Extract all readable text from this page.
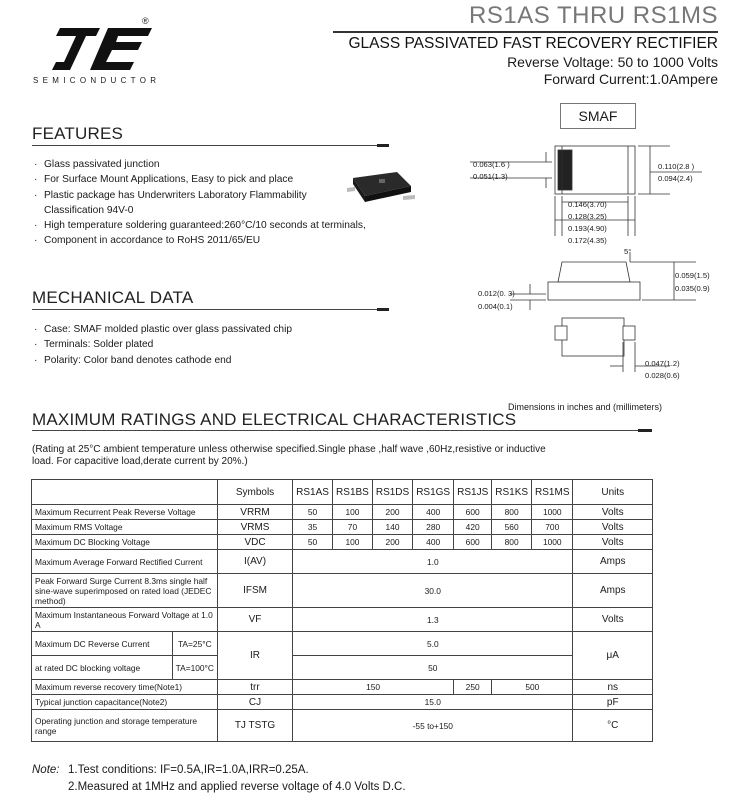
®
SEMICONDUCTOR
RS1AS THRU RS1MS
GLASS PASSIVATED FAST RECOVERY RECTIFIER
Reverse Voltage: 50 to 1000 Volts
Forward Current:1.0Ampere
FEATURES
· Glass passivated junction
· For Surface Mount Applications, Easy to pick and place
· Plastic package has Underwriters Laboratory Flammability
Classification 94V-0
· High temperature soldering guaranteed:260°C/10 seconds at terminals,
· Component in accordance to RoHS 2011/65/EU
MECHANICAL DATA
· Case: SMAF molded plastic over glass passivated chip
· Terminals: Solder plated
· Polarity: Color band denotes cathode end
SMAF
0.063(1.6 )
0.051(1.3)
0.110(2.8 )
0.094(2.4)
0.146(3.70)
0.128(3.25)
0.193(4.90)
0.172(4.35)
5°
0.059(1.5)
0.035(0.9)
0.012(0. 3)
0.004(0.1)
0.047(1.2)
0.028(0.6)
Dimensions in inches and (millimeters)
MAXIMUM RATINGS AND ELECTRICAL CHARACTERISTICS
(Rating at 25°C ambient temperature unless otherwise specified.Single phase ,half wave ,60Hz,resistive or inductive
load. For capacitive load,derate current by 20%.)
		Symbols	RS1AS	RS1BS	RS1DS	RS1GS	RS1JS	RS1KS	RS1MS	Units
Maximum Recurrent Peak Reverse Voltage		VRRM	50	100	200	400	600	800	1000	Volts
Maximum RMS Voltage		VRMS	35	70	140	280	420	560	700	Volts
Maximum DC Blocking Voltage		VDC	50	100	200	400	600	800	1000	Volts
Maximum Average Forward Rectified Current		I(AV)	1.0							Amps
Peak Forward Surge Current 8.3ms single half sine-wave superimposed on rated load (JEDEC method)		IFSM	30.0							Amps
Maximum Instantaneous Forward Voltage at 1.0 A		VF	1.3							Volts
Maximum DC Reverse Current	TA=25°C	IR	5.0							μA
at rated DC blocking voltage	TA=100°C		50							
Maximum reverse recovery time(Note1)		trr	150				250	500		ns
Typical junction capacitance(Note2)		CJ	15.0							pF
Operating junction and storage temperature range		TJ TSTG	-55 to+150							°C
Note: 1.Test conditions: IF=0.5A,IR=1.0A,IRR=0.25A.
2.Measured at 1MHz and applied reverse voltage of 4.0 Volts D.C.
